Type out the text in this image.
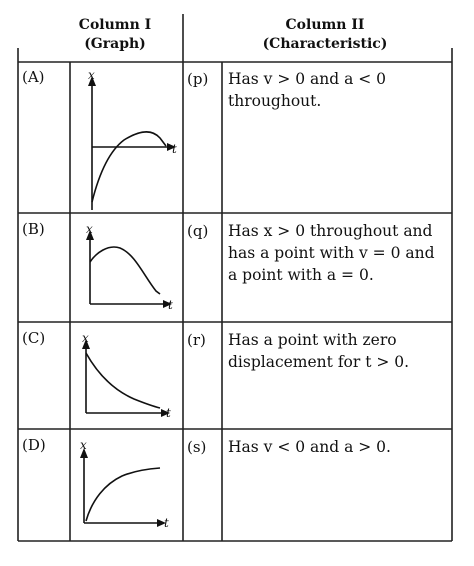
x
t
x
t
x
t
x
t
Column I
(Graph)
Column II
(Characteristic)
(A)
(B)
(C)
(D)
(p)
(q)
(r)
(s)
Has v > 0 and a < 0 throughout.
Has x > 0 throughout and has a point with v = 0 and a point with a = 0.
Has a point with zero displacement for t > 0.
Has v < 0 and a > 0.
